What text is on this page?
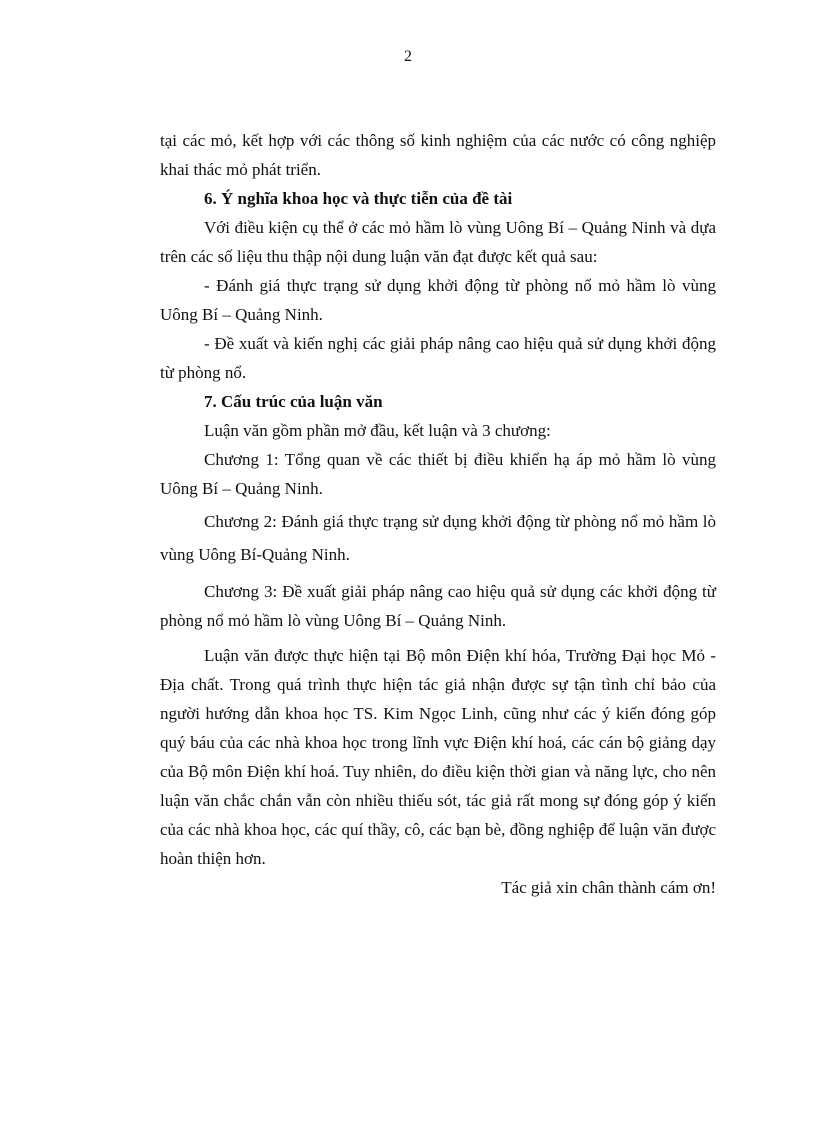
2

tại các mỏ, kết hợp với các thông số kinh nghiệm của các nước có công nghiệp khai thác mỏ phát triển.

6. Ý nghĩa khoa học và thực tiễn của đề tài

Với điều kiện cụ thể ở các mỏ hầm lò vùng Uông Bí – Quảng Ninh và dựa trên các số liệu thu thập nội dung luận văn đạt được kết quả sau:

- Đánh giá thực trạng sử dụng khởi động từ phòng nổ mỏ hầm lò vùng Uông Bí – Quảng Ninh.

- Đề xuất và kiến nghị các giải pháp nâng cao hiệu quả sử dụng khởi động từ phòng nổ.

7. Cấu trúc của luận văn

Luận văn gồm phần mở đầu, kết luận và 3 chương:

Chương 1: Tổng quan về các thiết bị điều khiển hạ áp mỏ hầm lò vùng Uông Bí – Quảng Ninh.

Chương 2: Đánh giá thực trạng sử dụng khởi động từ phòng nổ mỏ hầm lò vùng Uông Bí-Quảng Ninh.

Chương 3: Đề xuất giải pháp nâng cao hiệu quả sử dụng các khởi động từ phòng nổ mỏ hầm lò vùng Uông Bí – Quảng Ninh.

Luận văn được thực hiện tại Bộ môn Điện khí hóa, Trường Đại học Mỏ - Địa chất. Trong quá trình thực hiện tác giả nhận được sự tận tình chỉ bảo của người hướng dẫn khoa học TS. Kim Ngọc Linh, cũng như các ý kiến đóng góp quý báu của các nhà khoa học trong lĩnh vực Điện khí hoá, các cán bộ giảng dạy của Bộ môn Điện khí hoá. Tuy nhiên, do điều kiện thời gian và năng lực, cho nên luận văn chắc chắn vẫn còn nhiều thiếu sót, tác giả rất mong sự đóng góp ý kiến của các nhà khoa học, các quí thầy, cô, các bạn bè, đồng nghiệp để luận văn được hoàn thiện hơn.

Tác giả xin chân thành cám ơn!
